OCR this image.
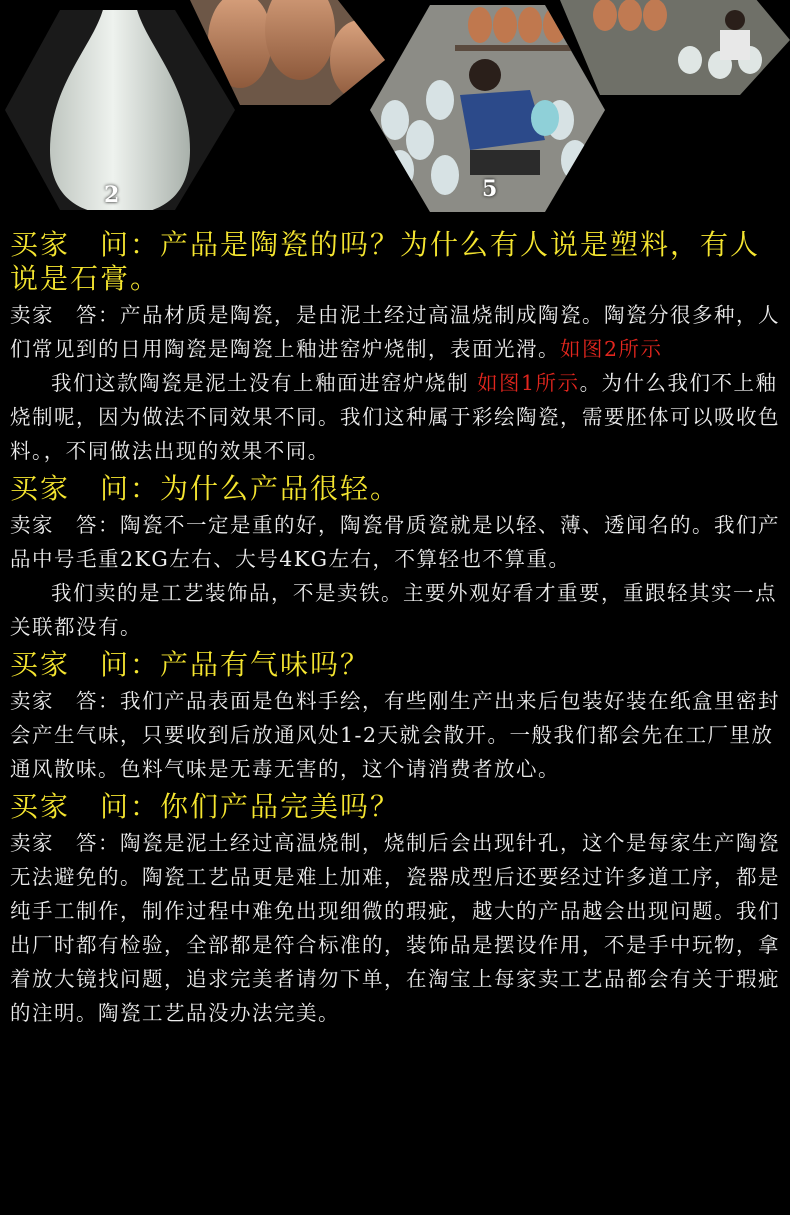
2	5
买家　问：产品是陶瓷的吗？为什么有人说是塑料，有人说是石膏。

卖家　答：产品材质是陶瓷，是由泥土经过高温烧制成陶瓷。陶瓷分很多种，人们常见到的日用陶瓷是陶瓷上釉进窑炉烧制，表面光滑。如图2所示

我们这款陶瓷是泥土没有上釉面进窑炉烧制 如图1所示。为什么我们不上釉烧制呢，因为做法不同效果不同。我们这种属于彩绘陶瓷，需要胚体可以吸收色料。，不同做法出现的效果不同。

买家　问：为什么产品很轻。

卖家　答：陶瓷不一定是重的好，陶瓷骨质瓷就是以轻、薄、透闻名的。我们产品中号毛重2KG左右、大号4KG左右，不算轻也不算重。

我们卖的是工艺装饰品，不是卖铁。主要外观好看才重要，重跟轻其实一点关联都没有。

买家　问：产品有气味吗？

卖家　答：我们产品表面是色料手绘，有些刚生产出来后包装好装在纸盒里密封会产生气味，只要收到后放通风处1-2天就会散开。一般我们都会先在工厂里放通风散味。色料气味是无毒无害的，这个请消费者放心。

买家　问：你们产品完美吗？

卖家　答：陶瓷是泥土经过高温烧制，烧制后会出现针孔，这个是每家生产陶瓷无法避免的。陶瓷工艺品更是难上加难，瓷器成型后还要经过许多道工序，都是纯手工制作，制作过程中难免出现细微的瑕疵，越大的产品越会出现问题。我们出厂时都有检验，全部都是符合标准的，装饰品是摆设作用，不是手中玩物，拿着放大镜找问题，追求完美者请勿下单，在淘宝上每家卖工艺品都会有关于瑕疵的注明。陶瓷工艺品没办法完美。
